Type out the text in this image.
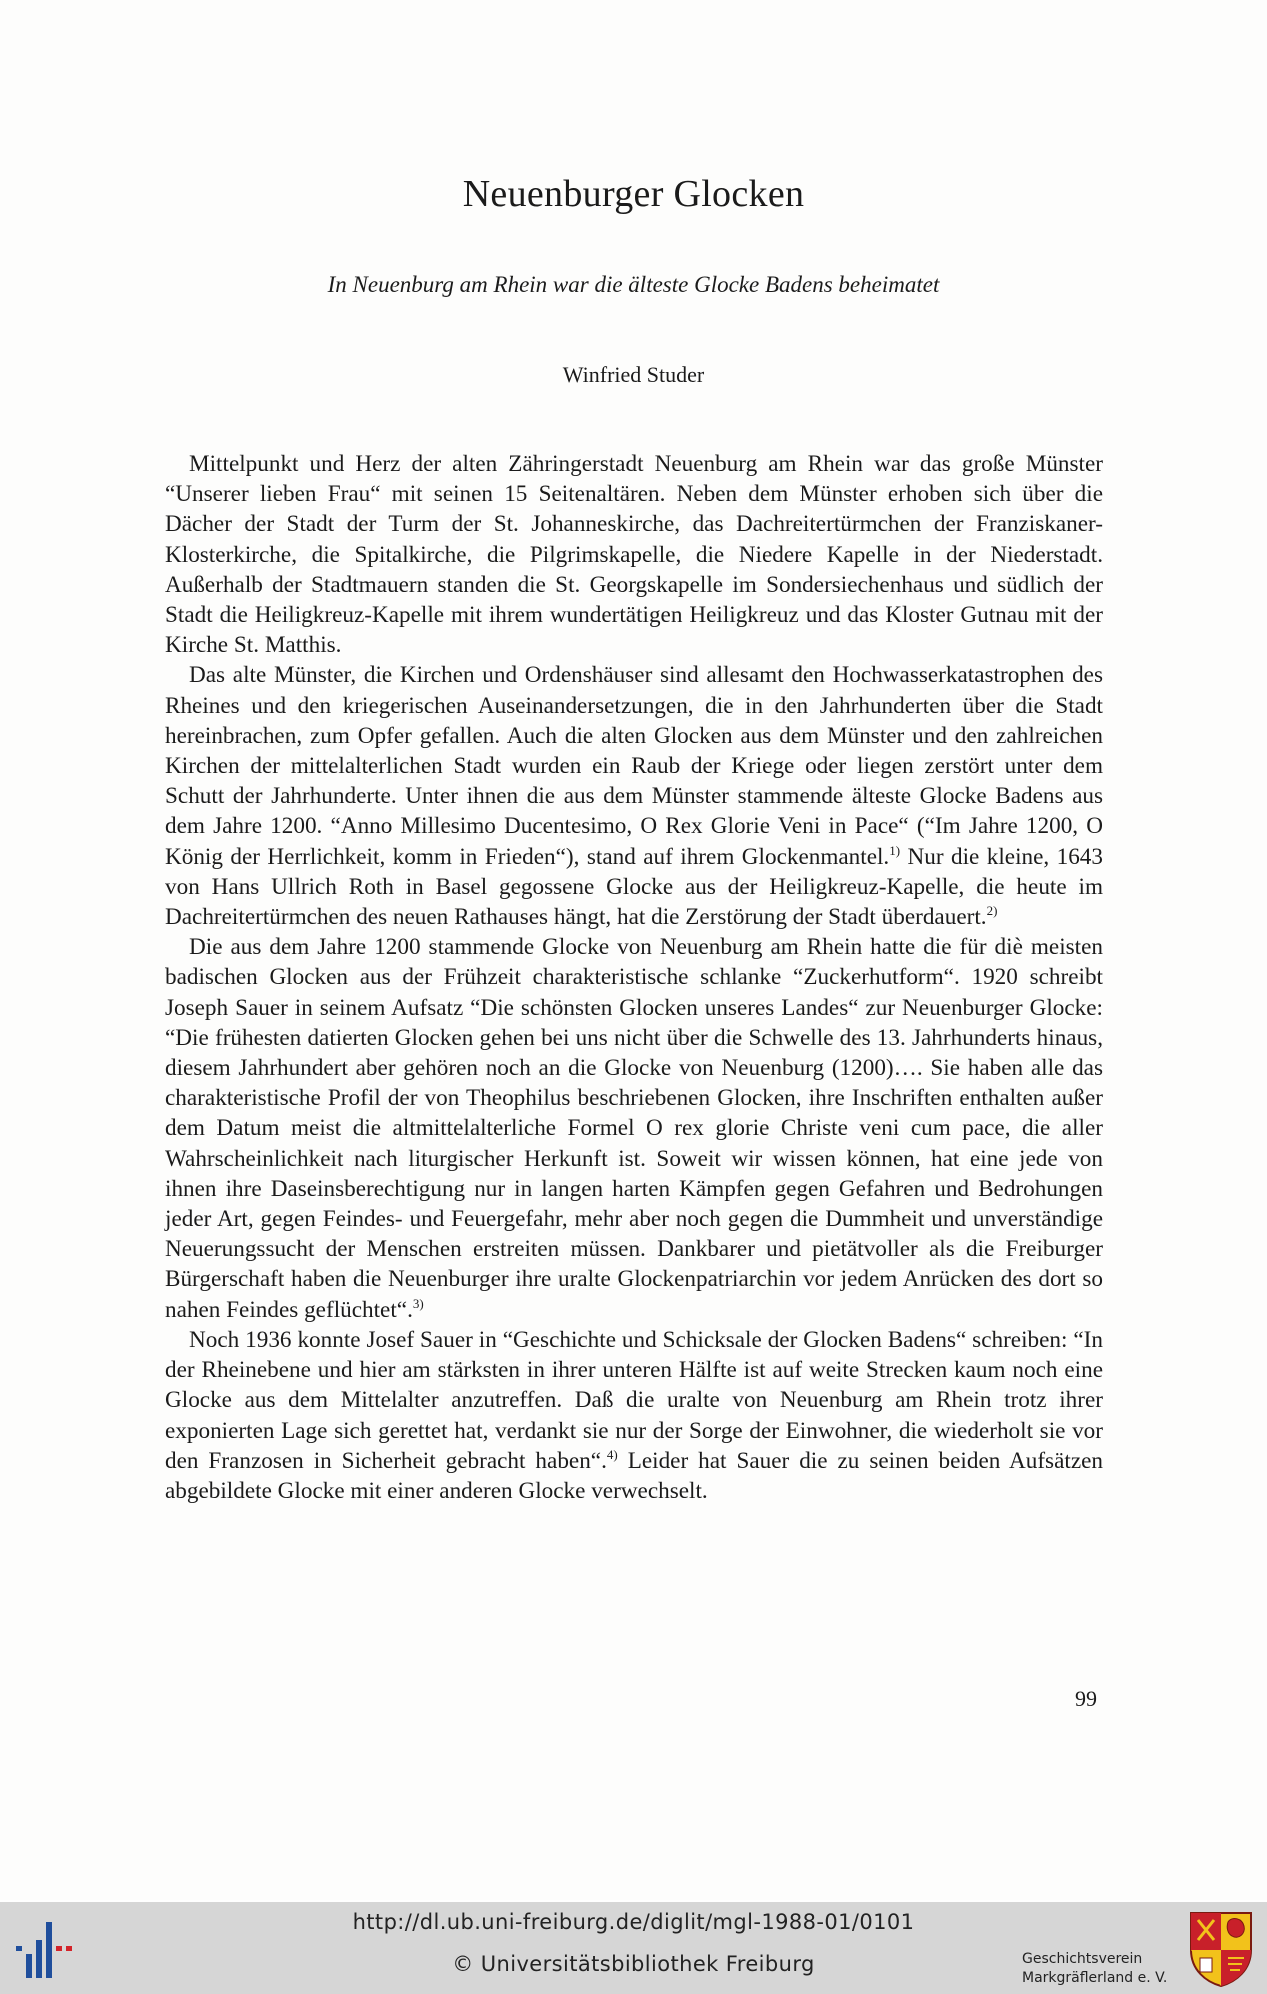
Neuenburger Glocken

In Neuenburg am Rhein war die älteste Glocke Badens beheimatet

Winfried Studer

Mittelpunkt und Herz der alten Zähringerstadt Neuenburg am Rhein war das große Münster “Unserer lieben Frau“ mit seinen 15 Seitenaltären. Neben dem Münster erhoben sich über die Dächer der Stadt der Turm der St. Johanneskirche, das Dachreitertürmchen der Franziskaner-Klosterkirche, die Spitalkirche, die Pilgrimskapelle, die Niedere Kapelle in der Niederstadt. Außerhalb der Stadtmauern standen die St. Georgskapelle im Sondersiechenhaus und südlich der Stadt die Heiligkreuz-Kapelle mit ihrem wundertätigen Heiligkreuz und das Kloster Gutnau mit der Kirche St. Matthis.

Das alte Münster, die Kirchen und Ordenshäuser sind allesamt den Hochwasserkatastrophen des Rheines und den kriegerischen Auseinandersetzungen, die in den Jahrhunderten über die Stadt hereinbrachen, zum Opfer gefallen. Auch die alten Glocken aus dem Münster und den zahlreichen Kirchen der mittelalterlichen Stadt wurden ein Raub der Kriege oder liegen zerstört unter dem Schutt der Jahrhunderte. Unter ihnen die aus dem Münster stammende älteste Glocke Badens aus dem Jahre 1200. “Anno Millesimo Ducentesimo, O Rex Glorie Veni in Pace“ (“Im Jahre 1200, O König der Herrlichkeit, komm in Frieden“), stand auf ihrem Glockenmantel.$^{1)}$ Nur die kleine, 1643 von Hans Ullrich Roth in Basel gegossene Glocke aus der Heiligkreuz-Kapelle, die heute im Dachreitertürmchen des neuen Rathauses hängt, hat die Zerstörung der Stadt überdauert.$^{2)}$

Die aus dem Jahre 1200 stammende Glocke von Neuenburg am Rhein hatte die für diè meisten badischen Glocken aus der Frühzeit charakteristische schlanke “Zuckerhutform“. 1920 schreibt Joseph Sauer in seinem Aufsatz “Die schönsten Glocken unseres Landes“ zur Neuenburger Glocke: “Die frühesten datierten Glocken gehen bei uns nicht über die Schwelle des 13. Jahrhunderts hinaus, diesem Jahrhundert aber gehören noch an die Glocke von Neuenburg (1200)…. Sie haben alle das charakteristische Profil der von Theophilus beschriebenen Glocken, ihre Inschriften enthalten außer dem Datum meist die altmittelalterliche Formel O rex glorie Christe veni cum pace, die aller Wahrscheinlichkeit nach liturgischer Herkunft ist. Soweit wir wissen können, hat eine jede von ihnen ihre Daseinsberechtigung nur in langen harten Kämpfen gegen Gefahren und Bedrohungen jeder Art, gegen Feindes- und Feuergefahr, mehr aber noch gegen die Dummheit und unverständige Neuerungssucht der Menschen erstreiten müssen. Dankbarer und pietätvoller als die Freiburger Bürgerschaft haben die Neuenburger ihre uralte Glockenpatriarchin vor jedem Anrücken des dort so nahen Feindes geflüchtet“.$^{3)}$

Noch 1936 konnte Josef Sauer in “Geschichte und Schicksale der Glocken Badens“ schreiben: “In der Rheinebene und hier am stärksten in ihrer unteren Hälfte ist auf weite Strecken kaum noch eine Glocke aus dem Mittelalter anzutreffen. Daß die uralte von Neuenburg am Rhein trotz ihrer exponierten Lage sich gerettet hat, verdankt sie nur der Sorge der Einwohner, die wiederholt sie vor den Franzosen in Sicherheit gebracht haben“.$^{4)}$ Leider hat Sauer die zu seinen beiden Aufsätzen abgebildete Glocke mit einer anderen Glocke verwechselt.

99
http://dl.ub.uni-freiburg.de/diglit/mgl-1988-01/0101
© Universitätsbibliothek Freiburg	Geschichtsverein
Markgräflerland e. V.
